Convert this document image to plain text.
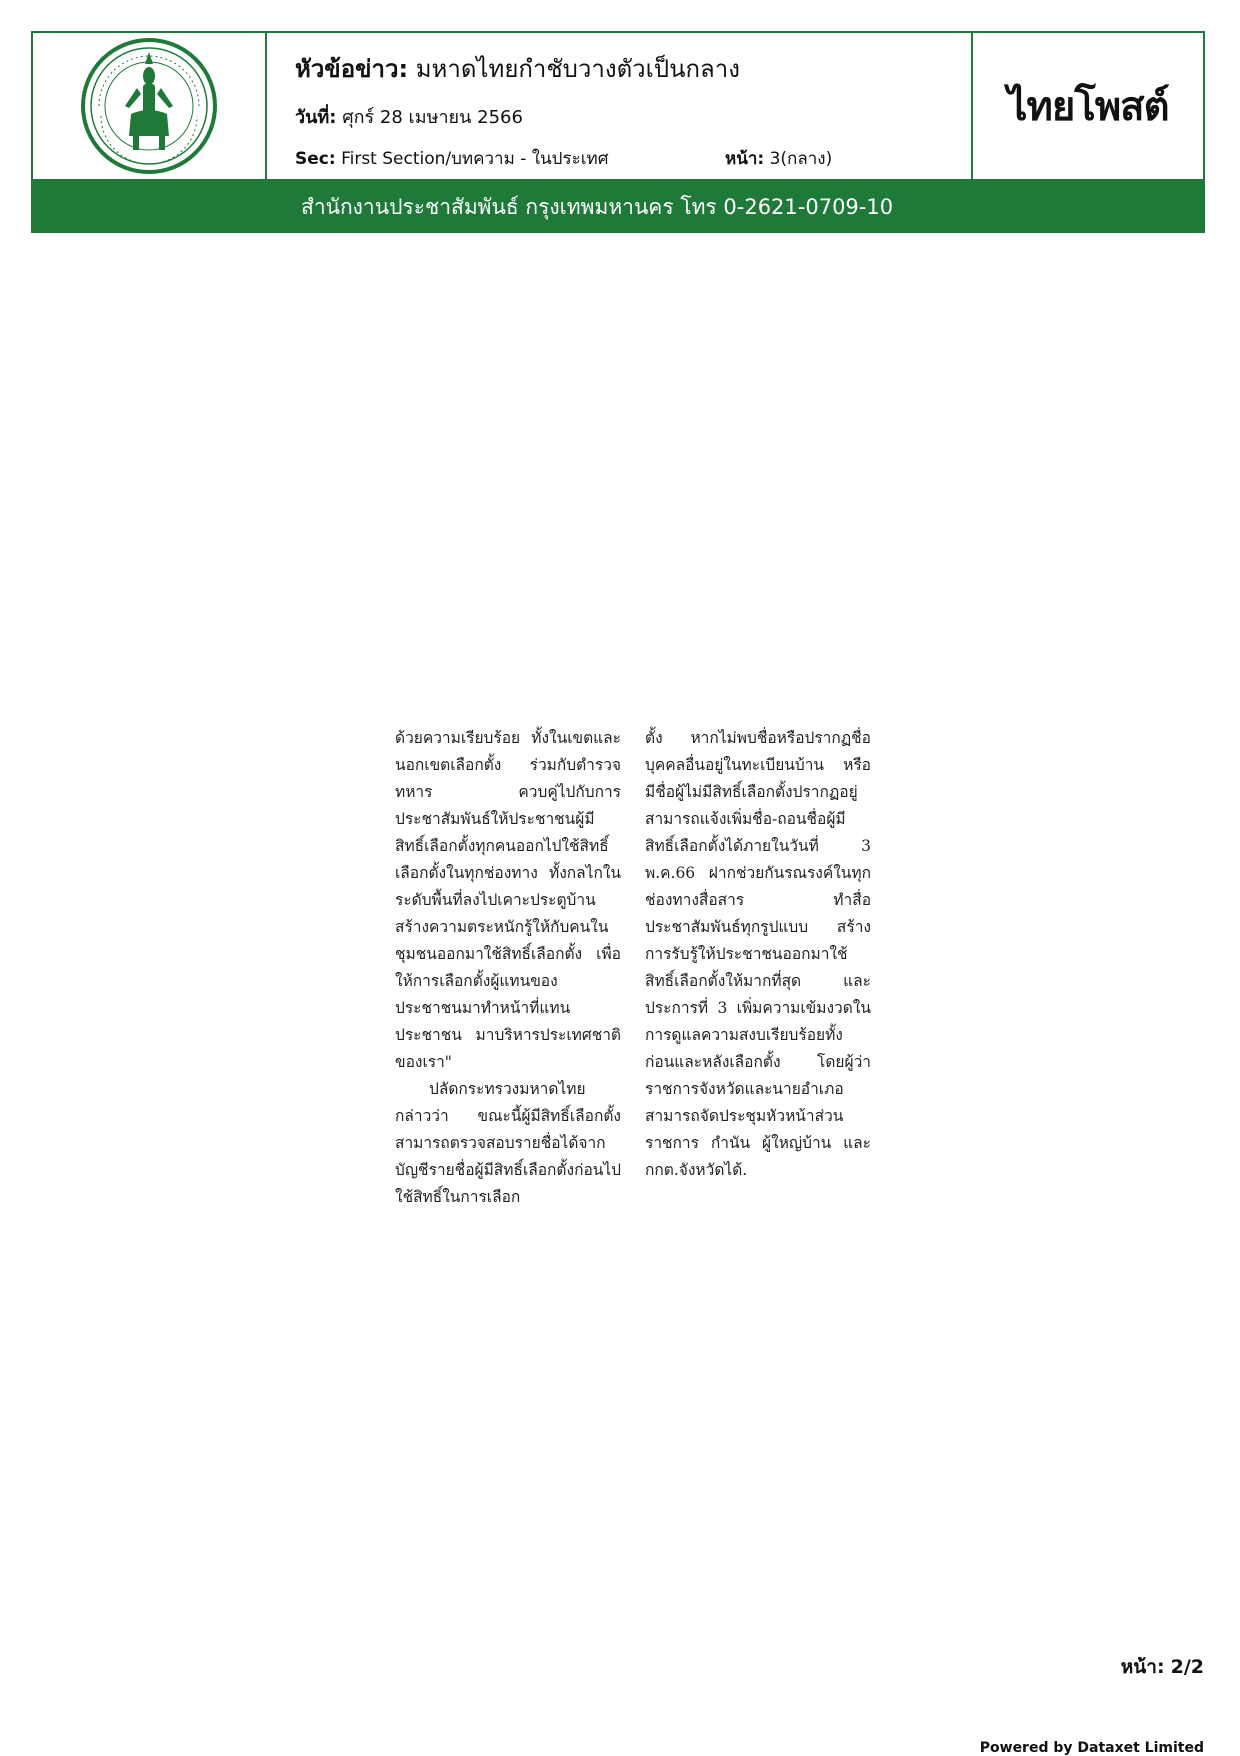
หัวข้อข่าว: มหาดไทยกำชับวางตัวเป็นกลาง
วันที่: ศุกร์ 28 เมษายน 2566
Sec: First Section/บทความ - ในประเทศ	หน้า: 3(กลาง)
ไทยโพสต์
สำนักงานประชาสัมพันธ์ กรุงเทพมหานคร โทร 0-2621-0709-10

ด้วยความเรียบร้อย ทั้งในเขตและนอกเขตเลือกตั้ง ร่วมกับตำรวจ ทหาร ควบคู่ไปกับการประชาสัมพันธ์ให้ประชาชนผู้มีสิทธิ์เลือกตั้งทุกคนออกไปใช้สิทธิ์เลือกตั้งในทุกช่องทาง ทั้งกลไกในระดับพื้นที่ลงไปเคาะประตูบ้าน สร้างความตระหนักรู้ให้กับคนในชุมชนออกมาใช้สิทธิ์เลือกตั้ง เพื่อให้การเลือกตั้งผู้แทนของประชาชนมาทำหน้าที่แทนประชาชน มาบริหารประเทศชาติของเรา"

ปลัดกระทรวงมหาดไทยกล่าวว่า ขณะนี้ผู้มีสิทธิ์เลือกตั้งสามารถตรวจสอบรายชื่อได้จากบัญชีรายชื่อผู้มีสิทธิ์เลือกตั้งก่อนไปใช้สิทธิ์ในการเลือก

ตั้ง หากไม่พบชื่อหรือปรากฏชื่อบุคคลอื่นอยู่ในทะเบียนบ้าน หรือมีชื่อผู้ไม่มีสิทธิ์เลือกตั้งปรากฏอยู่ สามารถแจ้งเพิ่มชื่อ-ถอนชื่อผู้มีสิทธิ์เลือกตั้งได้ภายในวันที่ 3 พ.ค.66 ฝากช่วยกันรณรงค์ในทุกช่องทางสื่อสาร ทำสื่อประชาสัมพันธ์ทุกรูปแบบ สร้างการรับรู้ให้ประชาชนออกมาใช้สิทธิ์เลือกตั้งให้มากที่สุด และประการที่ 3 เพิ่มความเข้มงวดในการดูแลความสงบเรียบร้อยทั้งก่อนและหลังเลือกตั้ง โดยผู้ว่าราชการจังหวัดและนายอำเภอสามารถจัดประชุมหัวหน้าส่วนราชการ กำนัน ผู้ใหญ่บ้าน และ กกต.จังหวัดได้.

หน้า: 2/2
Powered by Dataxet Limited
